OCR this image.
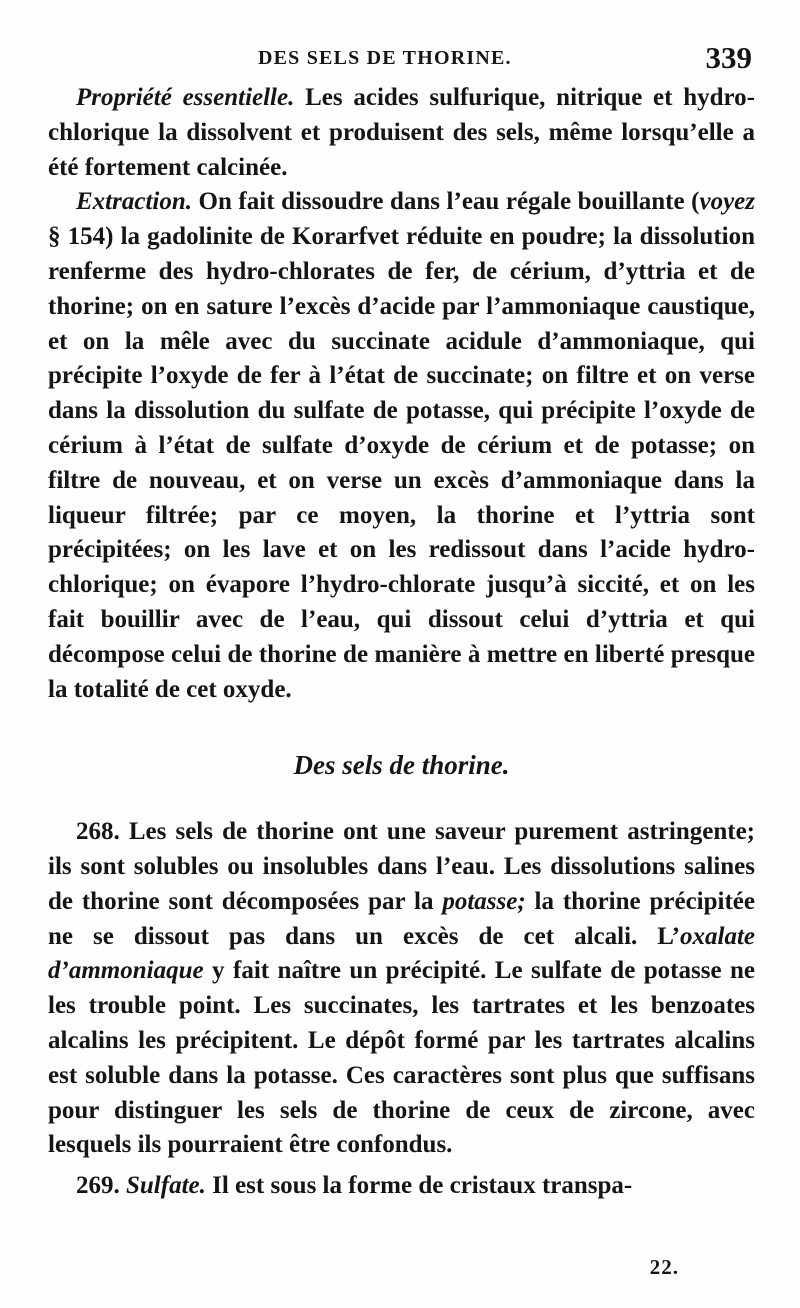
DES SELS DE THORINE.	339

Propriété essentielle. Les acides sulfurique, nitrique et hydro-chlorique la dissolvent et produisent des sels, même lorsqu’elle a été fortement calcinée.

Extraction. On fait dissoudre dans l’eau régale bouillante (voyez § 154) la gadolinite de Korarfvet réduite en poudre; la dissolution renferme des hydro-chlorates de fer, de cérium, d’yttria et de thorine; on en sature l’excès d’acide par l’ammoniaque caustique, et on la mêle avec du succinate acidule d’ammoniaque, qui précipite l’oxyde de fer à l’état de succinate; on filtre et on verse dans la dissolution du sulfate de potasse, qui précipite l’oxyde de cérium à l’état de sulfate d’oxyde de cérium et de potasse; on filtre de nouveau, et on verse un excès d’ammoniaque dans la liqueur filtrée; par ce moyen, la thorine et l’yttria sont précipitées; on les lave et on les redissout dans l’acide hydro-chlorique; on évapore l’hydro-chlorate jusqu’à siccité, et on les fait bouillir avec de l’eau, qui dissout celui d’yttria et qui décompose celui de thorine de manière à mettre en liberté presque la totalité de cet oxyde.

Des sels de thorine.

268. Les sels de thorine ont une saveur purement astringente; ils sont solubles ou insolubles dans l’eau. Les dissolutions salines de thorine sont décomposées par la potasse; la thorine précipitée ne se dissout pas dans un excès de cet alcali. L’oxalate d’ammoniaque y fait naître un précipité. Le sulfate de potasse ne les trouble point. Les succinates, les tartrates et les benzoates alcalins les précipitent. Le dépôt formé par les tartrates alcalins est soluble dans la potasse. Ces caractères sont plus que suffisans pour distinguer les sels de thorine de ceux de zircone, avec lesquels ils pourraient être confondus.

269. Sulfate. Il est sous la forme de cristaux transpa-

22.
